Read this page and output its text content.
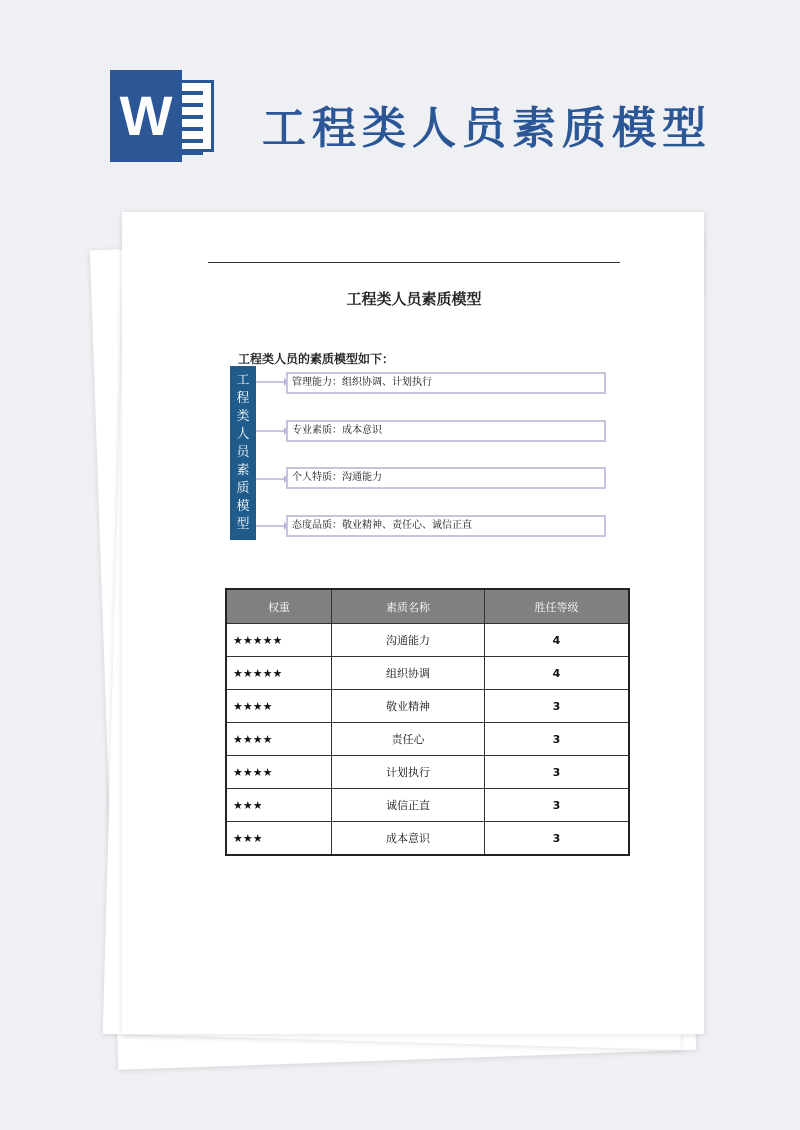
W 工程类人员素质模型
工程类人员素质模型
工程类人员的素质模型如下：
工
程
类
人
员
素
质
模
型
管理能力：组织协调、计划执行
专业素质：成本意识
个人特质：沟通能力
态度品质：敬业精神、责任心、诚信正直
权重	素质名称	胜任等级
★★★★★	沟通能力	4
★★★★★	组织协调	4
★★★★	敬业精神	3
★★★★	责任心	3
★★★★	计划执行	3
★★★	诚信正直	3
★★★	成本意识	3
